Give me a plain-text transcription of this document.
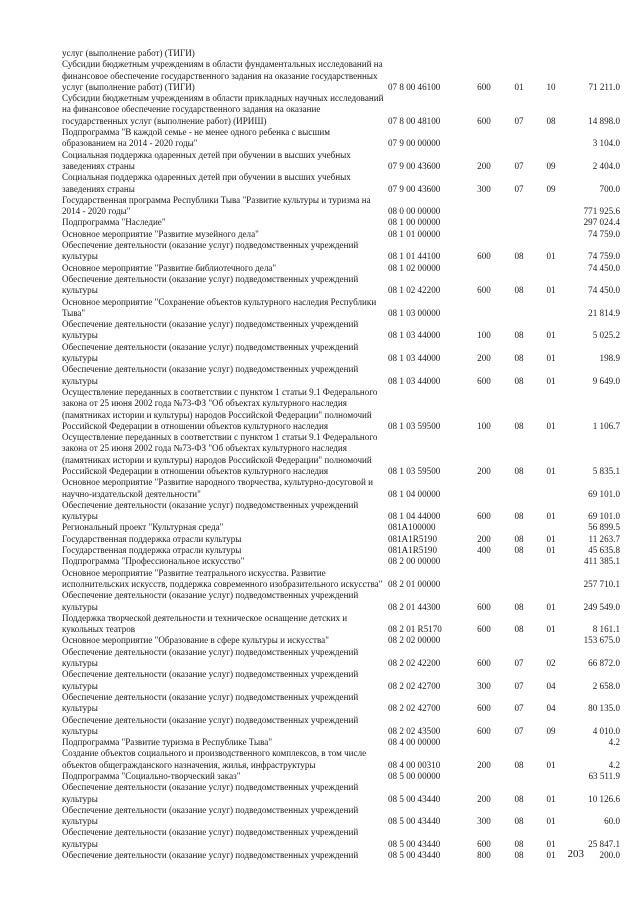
услуг (выполнение работ) (ТИГИ)
Субсидии бюджетным учреждениям в области фундаментальных исследований на финансовое обеспечение государственного задания на оказание государственных услуг (выполнение работ) (ТИГИ)	07 8 00 46100	600	01	10	71 211.0
Субсидии бюджетным учреждениям в области прикладных научных исследований на финансовое обеспечение государственного задания на оказание государственных услуг (выполнение работ) (ИРИШ)	07 8 00 48100	600	07	08	14 898.0
Подпрограмма "В каждой семье - не менее одного ребенка с высшим образованием на 2014 - 2020 годы"	07 9 00 00000	3 104.0
Социальная поддержка одаренных детей при обучении в высших учебных заведениях страны	07 9 00 43600	200	07	09	2 404.0
Социальная поддержка одаренных детей при обучении в высших учебных заведениях страны	07 9 00 43600	300	07	09	700.0
Государственная программа Республики Тыва "Развитие культуры и туризма на 2014 - 2020 годы"	08 0 00 00000	771 925.6
Подпрограмма "Наследие"	08 1 00 00000	297 024.4
Основное мероприятие "Развитие музейного дела"	08 1 01 00000	74 759.0
Обеспечение деятельности (оказание услуг) подведомственных учреждений культуры	08 1 01 44100	600	08	01	74 759.0
Основное мероприятие "Развитие библиотечного дела"	08 1 02 00000	74 450.0
Обеспечение деятельности (оказание услуг) подведомственных учреждений культуры	08 1 02 42200	600	08	01	74 450.0
Основное мероприятие "Сохранение объектов культурного наследия Республики Тыва"	08 1 03 00000	21 814.9
Обеспечение деятельности (оказание услуг) подведомственных учреждений культуры	08 1 03 44000	100	08	01	5 025.2
Обеспечение деятельности (оказание услуг) подведомственных учреждений культуры	08 1 03 44000	200	08	01	198.9
Обеспечение деятельности (оказание услуг) подведомственных учреждений культуры	08 1 03 44000	600	08	01	9 649.0
Осуществление переданных в соответствии с пунктом 1 статьи 9.1 Федерального закона от 25 июня 2002 года №73-ФЗ "Об объектах культурного наследия (памятниках истории и культуры) народов Российской Федерации" полномочий Российской Федерации в отношении объектов культурного наследия	08 1 03 59500	100	08	01	1 106.7
Осуществление переданных в соответствии с пунктом 1 статьи 9.1 Федерального закона от 25 июня 2002 года №73-ФЗ "Об объектах культурного наследия (памятниках истории и культуры) народов Российской Федерации" полномочий Российской Федерации в отношении объектов культурного наследия	08 1 03 59500	200	08	01	5 835.1
Основное мероприятие "Развитие народного творчества, культурно-досуговой и научно-издательской деятельности"	08 1 04 00000	69 101.0
Обеспечение деятельности (оказание услуг) подведомственных учреждений культуры	08 1 04 44000	600	08	01	69 101.0
Региональный проект "Культурная среда"	081A100000	56 899.5
Государственная поддержка отрасли культуры	081A1R5190	200	08	01	11 263.7
Государственная поддержка отрасли культуры	081A1R5190	400	08	01	45 635.8
Подпрограмма "Профессиональное искусство"	08 2 00 00000	411 385.1
Основное мероприятие "Развитие театрального искусства. Развитие исполнительских искусств, поддержка современного изобразительного искусства" 08 2 01 00000	257 710.1
Обеспечение деятельности (оказание услуг) подведомственных учреждений культуры	08 2 01 44300	600	08	01	249 549.0
Поддержка творческой деятельности и техническое оснащение детских и кукольных театров	08 2 01 R5170	600	08	01	8 161.1
Основное мероприятие "Образование в сфере культуры и искусства"	08 2 02 00000	153 675.0
Обеспечение деятельности (оказание услуг) подведомственных учреждений культуры	08 2 02 42200	600	07	02	66 872.0
Обеспечение деятельности (оказание услуг) подведомственных учреждений культуры	08 2 02 42700	300	07	04	2 658.0
Обеспечение деятельности (оказание услуг) подведомственных учреждений культуры	08 2 02 42700	600	07	04	80 135.0
Обеспечение деятельности (оказание услуг) подведомственных учреждений культуры	08 2 02 43500	600	07	09	4 010.0
Подпрограмма "Развитие туризма в Республике Тыва"	08 4 00 00000	4.2
Создание объектов социального и производственного комплексов, в том числе объектов общегражданского назначения, жилья, инфраструктуры	08 4 00 00310	200	08	01	4.2
Подпрограмма "Социально-творческий заказ"	08 5 00 00000	63 511.9
Обеспечение деятельности (оказание услуг) подведомственных учреждений культуры	08 5 00 43440	200	08	01	10 126.6
Обеспечение деятельности (оказание услуг) подведомственных учреждений культуры	08 5 00 43440	300	08	01	60.0
Обеспечение деятельности (оказание услуг) подведомственных учреждений культуры	08 5 00 43440	600	08	01	25 847.1
Обеспечение деятельности (оказание услуг) подведомственных учреждений	08 5 00 43440	800	08	01	200.0
203
